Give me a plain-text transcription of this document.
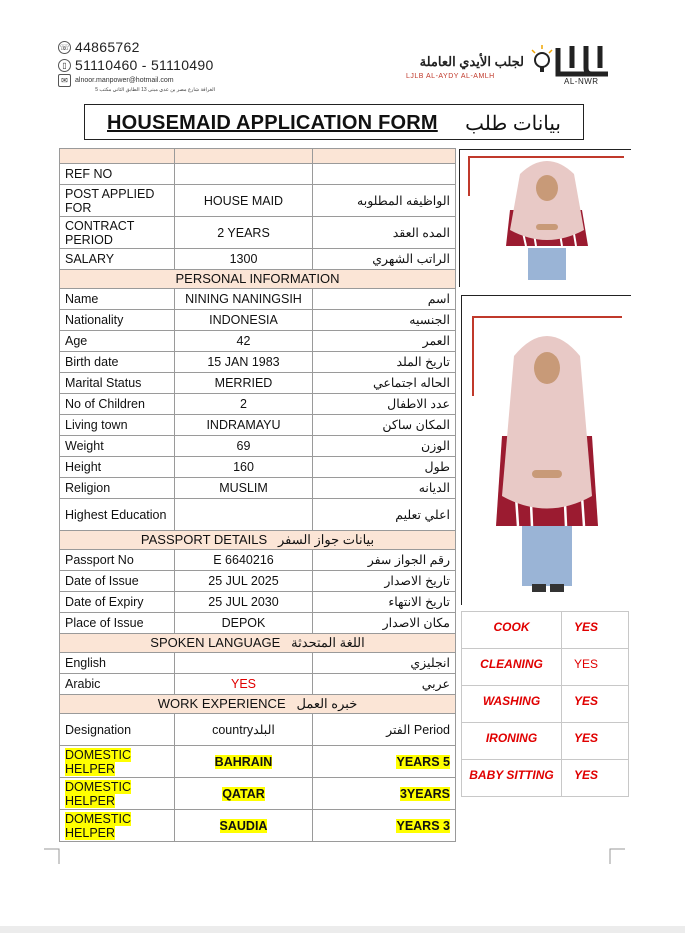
☏ 44865762
▯ 51110460 - 51110490
✉	alnoor.manpower@hotmail.com
الغرافة شارع مصر بن عدي مبنى 13 الطابق الثاني مكتب 5
لجلب الأيدي العاملة
LJLB AL-AYDY AL-AMLH
AL-NWR
HOUSEMAID APPLICATION FORM بيانات طلب

REF NO		
POST APPLIED FOR	HOUSE MAID	الواظيفه المطلوبه
CONTRACT PERIOD	2 YEARS	المده العقد
SALARY	1300	الراتب الشهري
PERSONAL INFORMATION		
Name	NINING NANINGSIH	اسم
Nationality	INDONESIA	الجنسيه
Age	42	العمر
Birth date	15 JAN 1983	تاريخ الملد
Marital Status	MERRIED	الحاله اجتماعي
No of Children	2	عدد الاطفال
Living town	INDRAMAYU	المكان ساكن
Weight	69	الوزن
Height	160	طول
Religion	MUSLIM	الديانه
Highest Education		اعلي تعليم
PASSPORT DETAILS بيانات جواز السفر		
Passport No	E 6640216	رقم الجواز سفر
Date of Issue	25 JUL 2025	تاريخ الاصدار
Date of Expiry	25 JUL 2030	تاريخ الانتهاء
Place of Issue	DEPOK	مكان الاصدار
SPOKEN LANGUAGE اللغة المتحدثة		
English		انجليزي
Arabic	YES	عربي
WORK EXPERIENCE خبره العمل		
Designation	countryالبلد	Period الفتر
DOMESTIC HELPER	BAHRAIN	5 YEARS
DOMESTIC HELPER	QATAR	3YEARS
DOMESTIC HELPER	SAUDIA	3 YEARS
COOK	YES
CLEANING	YES
WASHING	YES
IRONING	YES
BABY SITTING	YES
